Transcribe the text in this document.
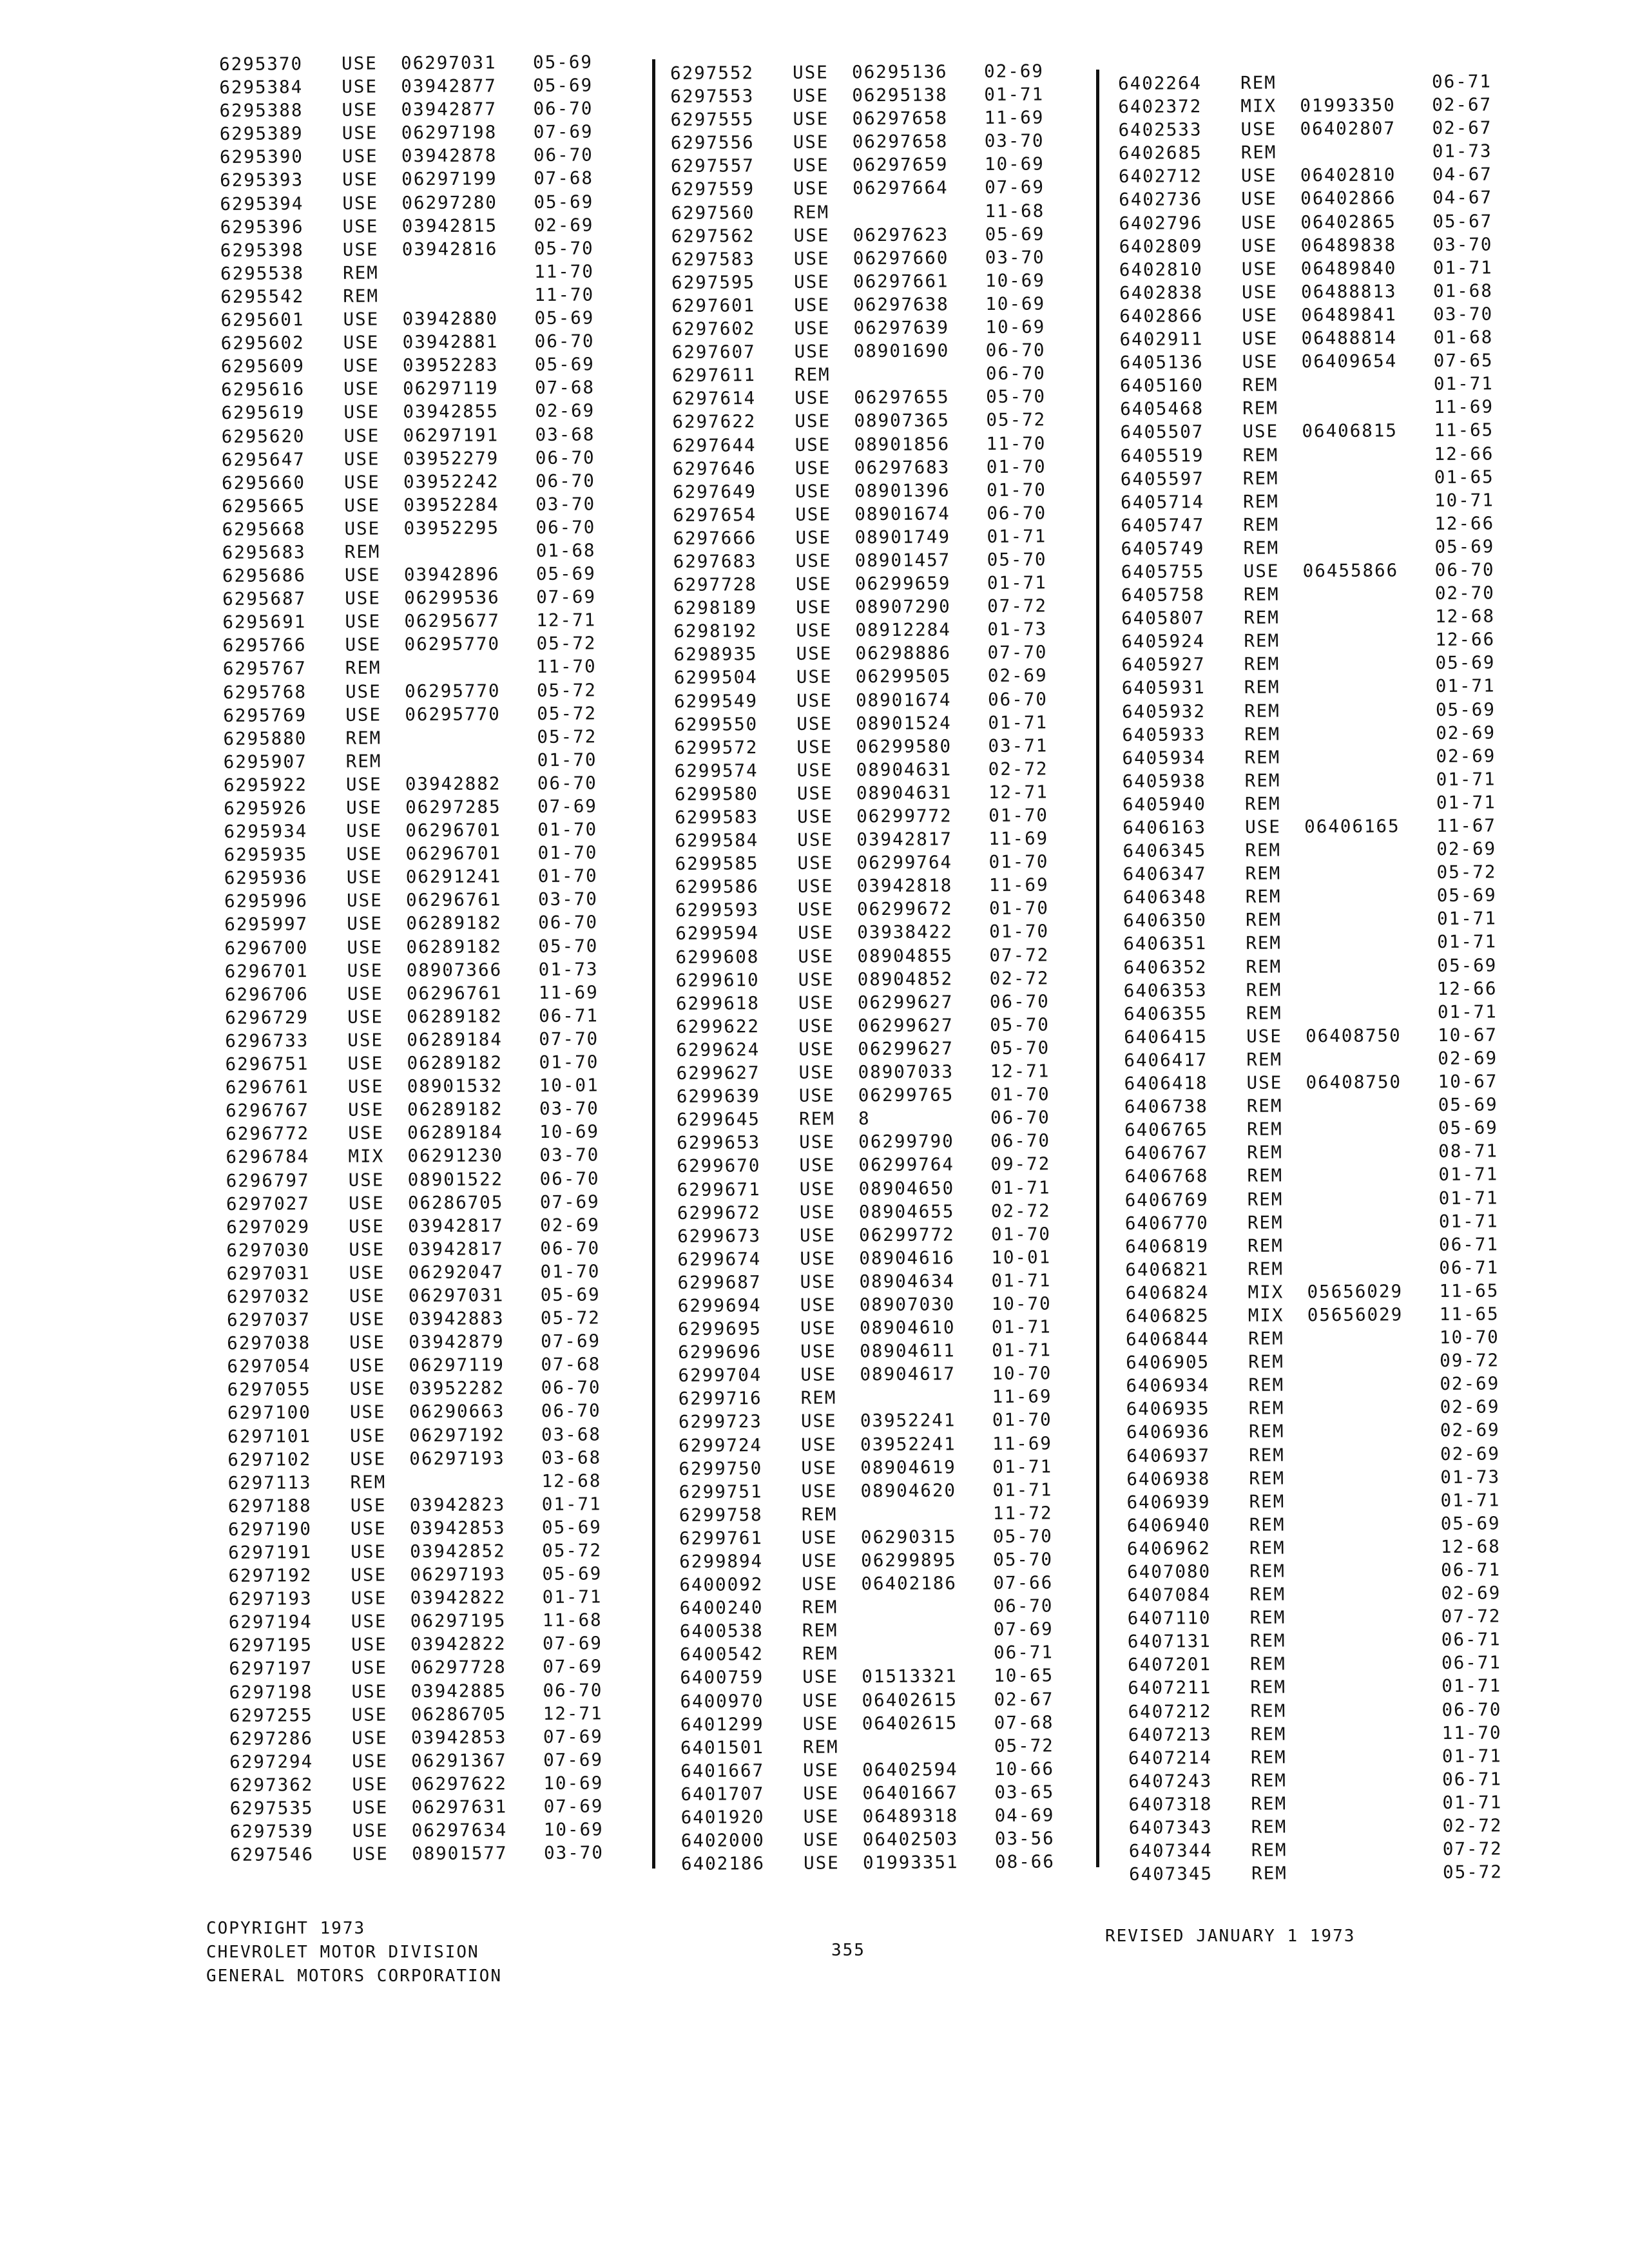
6295370 USE 06297031 05-69
6295384 USE 03942877 05-69
6295388 USE 03942877 06-70
6295389 USE 06297198 07-69
6295390 USE 03942878 06-70
6295393 USE 06297199 07-68
6295394 USE 06297280 05-69
6295396 USE 03942815 02-69
6295398 USE 03942816 05-70
6295538 REM	11-70
6295542 REM	11-70
6295601 USE 03942880 05-69
6295602 USE 03942881 06-70
6295609 USE 03952283 05-69
6295616 USE 06297119 07-68
6295619 USE 03942855 02-69
6295620 USE 06297191 03-68
6295647 USE 03952279 06-70
6295660 USE 03952242 06-70
6295665 USE 03952284 03-70
6295668 USE 03952295 06-70
6295683 REM	01-68
6295686 USE 03942896 05-69
6295687 USE 06299536 07-69
6295691 USE 06295677 12-71
6295766 USE 06295770 05-72
6295767 REM	11-70
6295768 USE 06295770 05-72
6295769 USE 06295770 05-72
6295880 REM	05-72
6295907 REM	01-70
6295922 USE 03942882 06-70
6295926 USE 06297285 07-69
6295934 USE 06296701 01-70
6295935 USE 06296701 01-70
6295936 USE 06291241 01-70
6295996 USE 06296761 03-70
6295997 USE 06289182 06-70
6296700 USE 06289182 05-70
6296701 USE 08907366 01-73
6296706 USE 06296761 11-69
6296729 USE 06289182 06-71
6296733 USE 06289184 07-70
6296751 USE 06289182 01-70
6296761 USE 08901532 10-01
6296767 USE 06289182 03-70
6296772 USE 06289184 10-69
6296784 MIX 06291230 03-70
6296797 USE 08901522 06-70
6297027 USE 06286705 07-69
6297029 USE 03942817 02-69
6297030 USE 03942817 06-70
6297031 USE 06292047 01-70
6297032 USE 06297031 05-69
6297037 USE 03942883 05-72
6297038 USE 03942879 07-69
6297054 USE 06297119 07-68
6297055 USE 03952282 06-70
6297100 USE 06290663 06-70
6297101 USE 06297192 03-68
6297102 USE 06297193 03-68
6297113 REM	12-68
6297188 USE 03942823 01-71
6297190 USE 03942853 05-69
6297191 USE 03942852 05-72
6297192 USE 06297193 05-69
6297193 USE 03942822 01-71
6297194 USE 06297195 11-68
6297195 USE 03942822 07-69
6297197 USE 06297728 07-69
6297198 USE 03942885 06-70
6297255 USE 06286705 12-71
6297286 USE 03942853 07-69
6297294 USE 06291367 07-69
6297362 USE 06297622 10-69
6297535 USE 06297631 07-69
6297539 USE 06297634 10-69
6297546 USE 08901577 03-70
6297552 USE 06295136 02-69
6297553 USE 06295138 01-71
6297555 USE 06297658 11-69
6297556 USE 06297658 03-70
6297557 USE 06297659 10-69
6297559 USE 06297664 07-69
6297560 REM	11-68
6297562 USE 06297623 05-69
6297583 USE 06297660 03-70
6297595 USE 06297661 10-69
6297601 USE 06297638 10-69
6297602 USE 06297639 10-69
6297607 USE 08901690 06-70
6297611 REM	06-70
6297614 USE 06297655 05-70
6297622 USE 08907365 05-72
6297644 USE 08901856 11-70
6297646 USE 06297683 01-70
6297649 USE 08901396 01-70
6297654 USE 08901674 06-70
6297666 USE 08901749 01-71
6297683 USE 08901457 05-70
6297728 USE 06299659 01-71
6298189 USE 08907290 07-72
6298192 USE 08912284 01-73
6298935 USE 06298886 07-70
6299504 USE 06299505 02-69
6299549 USE 08901674 06-70
6299550 USE 08901524 01-71
6299572 USE 06299580 03-71
6299574 USE 08904631 02-72
6299580 USE 08904631 12-71
6299583 USE 06299772 01-70
6299584 USE 03942817 11-69
6299585 USE 06299764 01-70
6299586 USE 03942818 11-69
6299593 USE 06299672 01-70
6299594 USE 03938422 01-70
6299608 USE 08904855 07-72
6299610 USE 08904852 02-72
6299618 USE 06299627 06-70
6299622 USE 06299627 05-70
6299624 USE 06299627 05-70
6299627 USE 08907033 12-71
6299639 USE 06299765 01-70
6299645 REM 8	06-70
6299653 USE 06299790 06-70
6299670 USE 06299764 09-72
6299671 USE 08904650 01-71
6299672 USE 08904655 02-72
6299673 USE 06299772 01-70
6299674 USE 08904616 10-01
6299687 USE 08904634 01-71
6299694 USE 08907030 10-70
6299695 USE 08904610 01-71
6299696 USE 08904611 01-71
6299704 USE 08904617 10-70
6299716 REM	11-69
6299723 USE 03952241 01-70
6299724 USE 03952241 11-69
6299750 USE 08904619 01-71
6299751 USE 08904620 01-71
6299758 REM	11-72
6299761 USE 06290315 05-70
6299894 USE 06299895 05-70
6400092 USE 06402186 07-66
6400240 REM	06-70
6400538 REM	07-69
6400542 REM	06-71
6400759 USE 01513321 10-65
6400970 USE 06402615 02-67
6401299 USE 06402615 07-68
6401501 REM	05-72
6401667 USE 06402594 10-66
6401707 USE 06401667 03-65
6401920 USE 06489318 04-69
6402000 USE 06402503 03-56
6402186 USE 01993351 08-66
6402264 REM	06-71
6402372 MIX 01993350 02-67
6402533 USE 06402807 02-67
6402685 REM	01-73
6402712 USE 06402810 04-67
6402736 USE 06402866 04-67
6402796 USE 06402865 05-67
6402809 USE 06489838 03-70
6402810 USE 06489840 01-71
6402838 USE 06488813 01-68
6402866 USE 06489841 03-70
6402911 USE 06488814 01-68
6405136 USE 06409654 07-65
6405160 REM	01-71
6405468 REM	11-69
6405507 USE 06406815 11-65
6405519 REM	12-66
6405597 REM	01-65
6405714 REM	10-71
6405747 REM	12-66
6405749 REM	05-69
6405755 USE 06455866 06-70
6405758 REM	02-70
6405807 REM	12-68
6405924 REM	12-66
6405927 REM	05-69
6405931 REM	01-71
6405932 REM	05-69
6405933 REM	02-69
6405934 REM	02-69
6405938 REM	01-71
6405940 REM	01-71
6406163 USE 06406165 11-67
6406345 REM	02-69
6406347 REM	05-72
6406348 REM	05-69
6406350 REM	01-71
6406351 REM	01-71
6406352 REM	05-69
6406353 REM	12-66
6406355 REM	01-71
6406415 USE 06408750 10-67
6406417 REM	02-69
6406418 USE 06408750 10-67
6406738 REM	05-69
6406765 REM	05-69
6406767 REM	08-71
6406768 REM	01-71
6406769 REM	01-71
6406770 REM	01-71
6406819 REM	06-71
6406821 REM	06-71
6406824 MIX 05656029 11-65
6406825 MIX 05656029 11-65
6406844 REM	10-70
6406905 REM	09-72
6406934 REM	02-69
6406935 REM	02-69
6406936 REM	02-69
6406937 REM	02-69
6406938 REM	01-73
6406939 REM	01-71
6406940 REM	05-69
6406962 REM	12-68
6407080 REM	06-71
6407084 REM	02-69
6407110 REM	07-72
6407131 REM	06-71
6407201 REM	06-71
6407211 REM	01-71
6407212 REM	06-70
6407213 REM	11-70
6407214 REM	01-71
6407243 REM	06-71
6407318 REM	01-71
6407343 REM	02-72
6407344 REM	07-72
6407345 REM	05-72
COPYRIGHT 1973
CHEVROLET MOTOR DIVISION
GENERAL MOTORS CORPORATION
355
REVISED JANUARY 1 1973
